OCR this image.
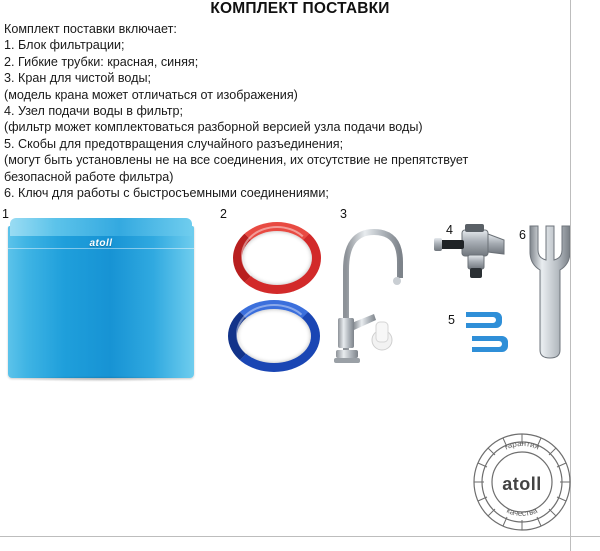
КОМПЛЕКТ ПОСТАВКИ
Комплект поставки включает:
1. Блок фильтрации;
2. Гибкие трубки: красная, синяя;
3. Кран для чистой воды;
(модель крана может отличаться от изображения)
4. Узел подачи воды в фильтр;
(фильтр может комплектоваться разборной версией узла подачи воды)
5. Скобы для предотвращения случайного разъединения;
(могут быть установлены не на все соединения, их отсутствие не препятствует
безопасной работе фильтра)
6. Ключ для работы с быстросъемными соединениями;
1	2	3
4
5
6
atoll
гарантия
качества
atoll
